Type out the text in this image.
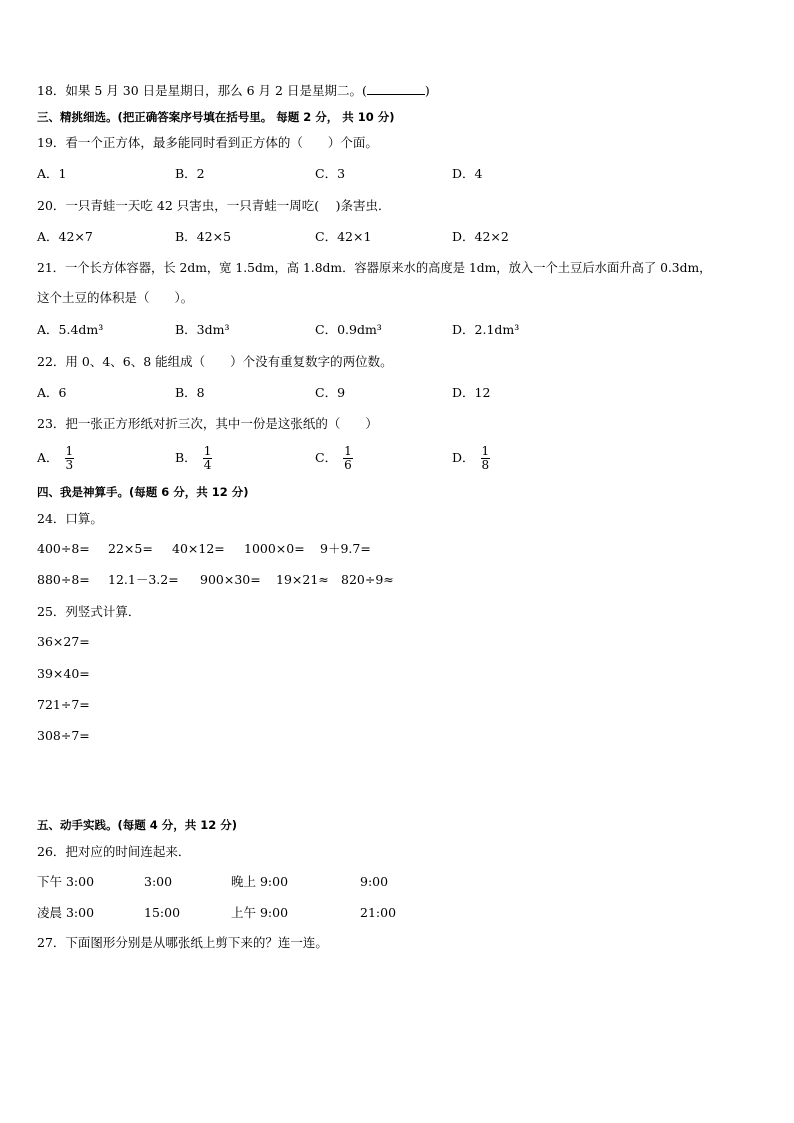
18．如果 5 月 30 日是星期日，那么 6 月 2 日是星期二。(	)
三、精挑细选。(把正确答案序号填在括号里。 每题 2 分， 共 10 分)
19．看一个正方体，最多能同时看到正方体的（　　）个面。
A．1	B．2	C．3	D．4
20．一只青蛙一天吃 42 只害虫，一只青蛙一周吃(　 )条害虫．
A．42×7	B．42×5	C．42×1	D．42×2
21．一个长方体容器，长 2dm，宽 1.5dm，高 1.8dm．容器原来水的高度是 1dm，放入一个土豆后水面升高了 0.3dm，
这个土豆的体积是（　　）。
A．5.4dm³	B．3dm³	C．0.9dm³	D．2.1dm³
22．用 0、4、6、8 能组成（　　）个没有重复数字的两位数。
A．6	B．8	C．9	D．12
23．把一张正方形纸对折三次，其中一份是这张纸的（　　）
A． $\frac{1}{3}$	B． $\frac{1}{4}$	C． $\frac{1}{6}$	D． $\frac{1}{8}$
四、我是神算手。(每题 6 分，共 12 分)
24．口算。
400÷8= 22×5= 40×12= 1000×0= 9＋9.7=
880÷8= 12.1－3.2= 900×30= 19×21≈ 820÷9≈
25．列竖式计算．
36×27=
39×40=
721÷7=
308÷7=
五、动手实践。(每题 4 分，共 12 分)
26．把对应的时间连起来．
下午 3:00	3:00	晚上 9:00	9:00
凌晨 3:00	15:00	上午 9:00	21:00
27．下面图形分别是从哪张纸上剪下来的？连一连。
